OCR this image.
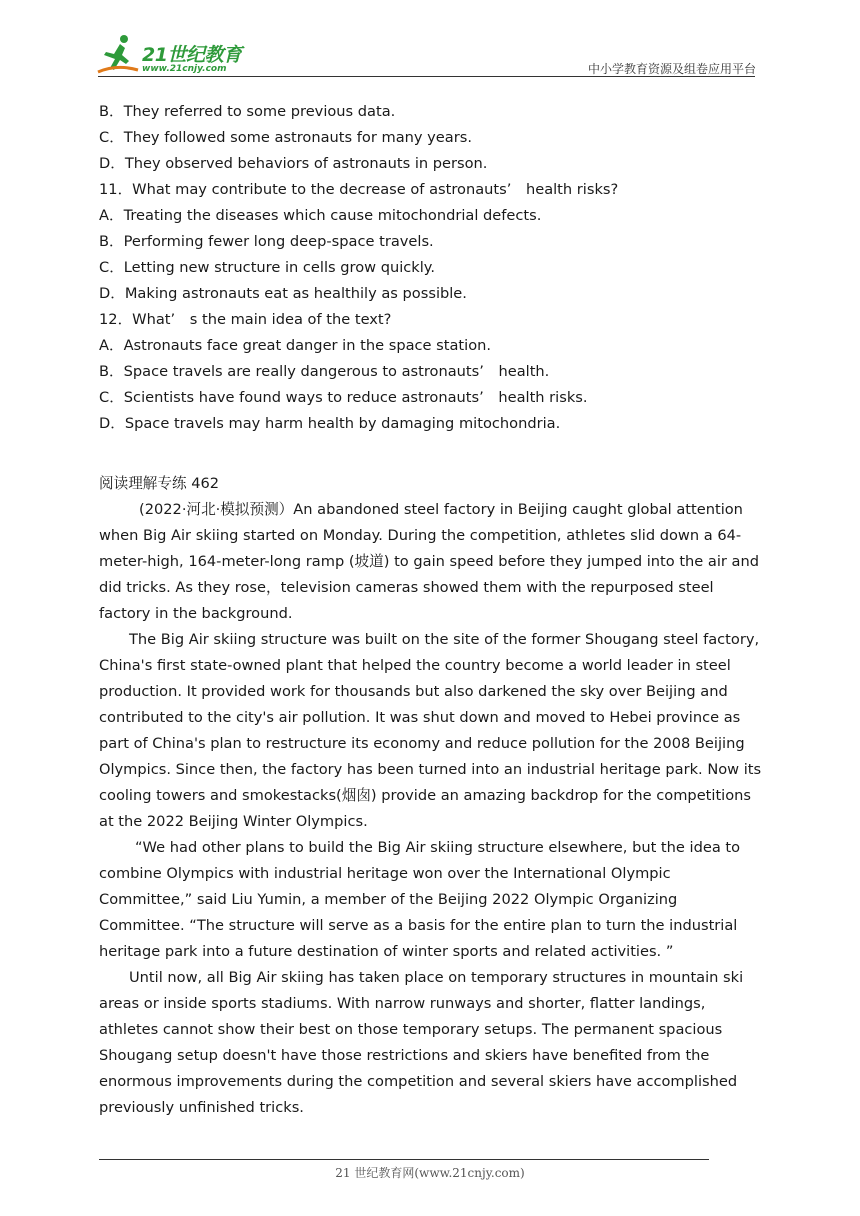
21世纪教育
www.21cnjy.com	中小学教育资源及组卷应用平台

B．They referred to some previous data.

C．They followed some astronauts for many years.

D．They observed behaviors of astronauts in person.

11．What may contribute to the decrease of astronauts’　health risks?

A．Treating the diseases which cause mitochondrial defects.

B．Performing fewer long deep-space travels.

C．Letting new structure in cells grow quickly.

D．Making astronauts eat as healthily as possible.

12．What’　s the main idea of the text?

A．Astronauts face great danger in the space station.

B．Space travels are really dangerous to astronauts’　health.

C．Scientists have found ways to reduce astronauts’　health risks.

D．Space travels may harm health by damaging mitochondria.

阅读理解专练 462

(2022·河北·模拟预测）An abandoned steel factory in Beijing caught global attention when Big Air skiing started on Monday. During the competition, athletes slid down a 64-meter-high, 164-meter-long ramp (坡道) to gain speed before they jumped into the air and did tricks. As they rose，television cameras showed them with the repurposed steel factory in the background.

The Big Air skiing structure was built on the site of the former Shougang steel factory, China's first state-owned plant that helped the country become a world leader in steel production. It provided work for thousands but also darkened the sky over Beijing and contributed to the city's air pollution. It was shut down and moved to Hebei province as part of China's plan to restructure its economy and reduce pollution for the 2008 Beijing Olympics. Since then, the factory has been turned into an industrial heritage park. Now its cooling towers and smokestacks(烟囱) provide an amazing backdrop for the competitions at the 2022 Beijing Winter Olympics.

“We had other plans to build the Big Air skiing structure elsewhere, but the idea to combine Olympics with industrial heritage won over the International Olympic Committee,” said Liu Yumin, a member of the Beijing 2022 Olympic Organizing Committee. “The structure will serve as a basis for the entire plan to turn the industrial heritage park into a future destination of winter sports and related activities. ”

Until now, all Big Air skiing has taken place on temporary structures in mountain ski areas or inside sports stadiums. With narrow runways and shorter, flatter landings, athletes cannot show their best on those temporary setups. The permanent spacious Shougang setup doesn't have those restrictions and skiers have benefited from the enormous improvements during the competition and several skiers have accomplished previously unfinished tricks.

21 世纪教育网(www.21cnjy.com)
